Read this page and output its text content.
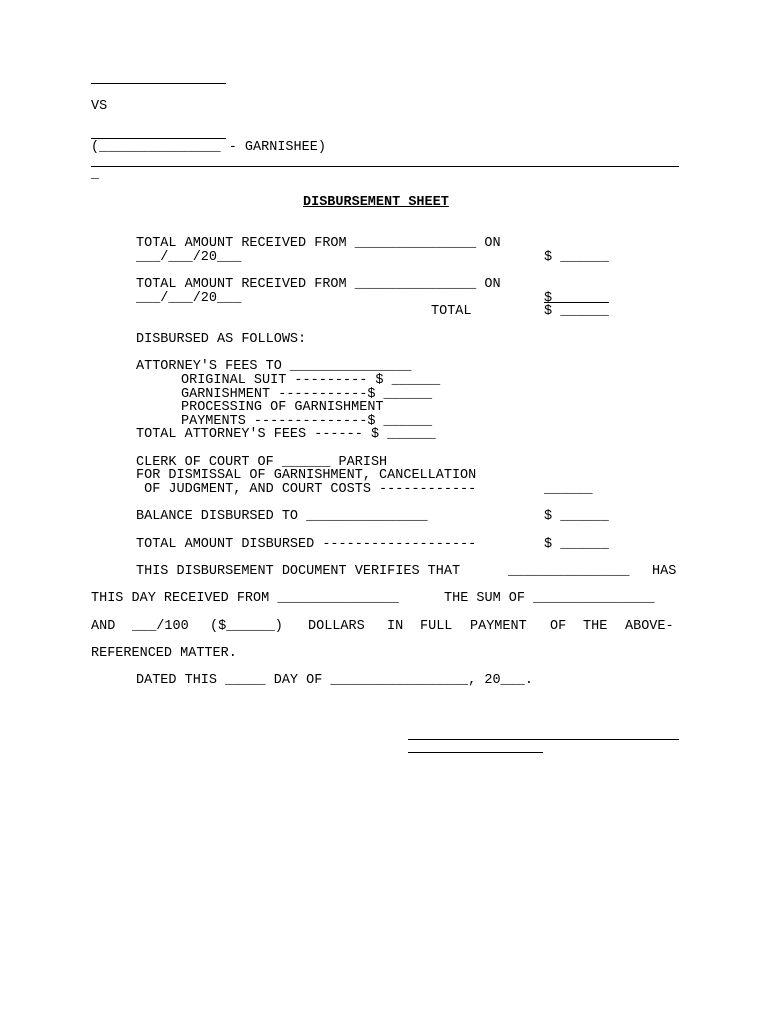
VS
(_______________ - GARNISHEE)
_
DISBURSEMENT SHEET
TOTAL AMOUNT RECEIVED FROM _______________ ON
___/___/20___	$ ______
TOTAL AMOUNT RECEIVED FROM _______________ ON
___/___/20___	$ ______
TOTAL	$ ______
DISBURSED AS FOLLOWS:
ATTORNEY'S FEES TO _______________
ORIGINAL SUIT --------- $ ______
GARNISHMENT -----------$ ______
PROCESSING OF GARNISHMENT
PAYMENTS --------------$ ______
TOTAL ATTORNEY'S FEES ------ $ ______
CLERK OF COURT OF ______ PARISH
FOR DISMISSAL OF GARNISHMENT, CANCELLATION
OF JUDGMENT, AND COURT COSTS ------------	______
BALANCE DISBURSED TO _______________	$ ______
TOTAL AMOUNT DISBURSED -------------------	$ ______
THIS DISBURSEMENT DOCUMENT VERIFIES THAT	_______________ HAS
THIS DAY RECEIVED FROM _______________	THE SUM OF _______________
AND ___/100 ($______) DOLLARS IN FULL PAYMENT OF THE ABOVE-
REFERENCED MATTER.
DATED THIS _____ DAY OF _________________, 20___.
